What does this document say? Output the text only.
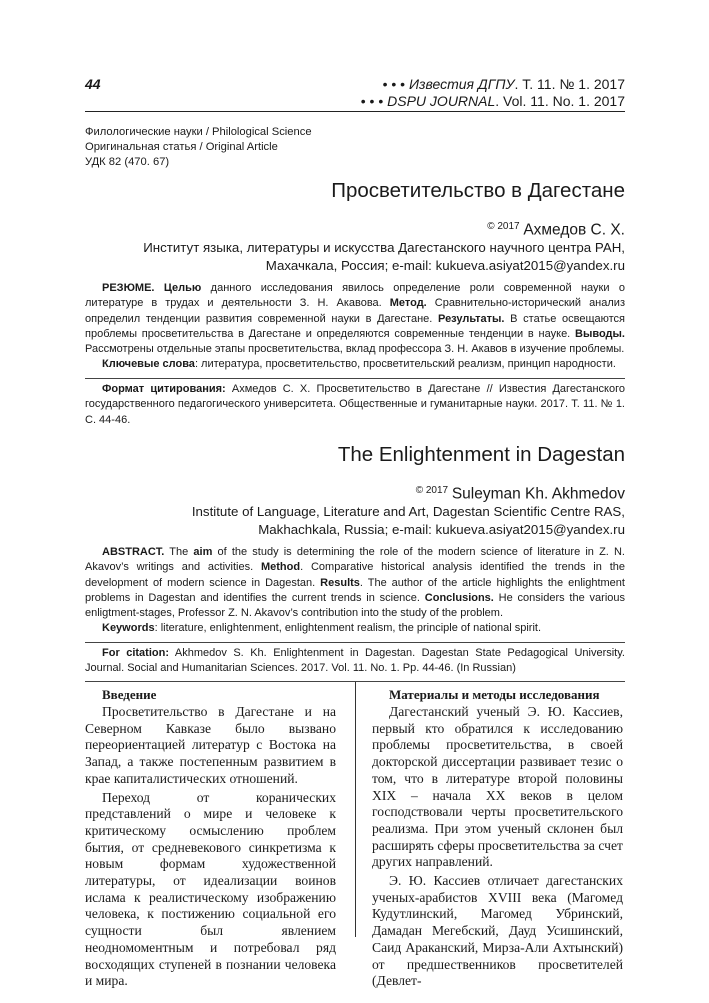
44	• • • Известия ДГПУ. Т. 11. № 1. 2017
• • • DSPU JOURNAL. Vol. 11. No. 1. 2017
Филологические науки / Philological Science
Оригинальная статья / Original Article
УДК 82 (470. 67)
Просветительство в Дагестане
$^{© 2017}$ Ахмедов С. Х.
Институт языка, литературы и искусства Дагестанского научного центра РАН,
Махачкала, Россия; e-mail: kukueva.asiyat2015@yandex.ru

РЕЗЮМЕ. Целью данного исследования явилось определение роли современной науки о литературе в трудах и деятельности З. Н. Акавова. Метод. Сравнительно-исторический анализ определил тенденции развития современной науки в Дагестане. Результаты. В статье освещаются проблемы просветительства в Дагестане и определяются современные тенденции в науке. Выводы. Рассмотрены отдельные этапы просветительства, вклад профессора З. Н. Акавов в изучение проблемы.

Ключевые слова: литература, просветительство, просветительский реализм, принцип народности.

Формат цитирования: Ахмедов С. Х. Просветительство в Дагестане // Известия Дагестанского государственного педагогического университета. Общественные и гуманитарные науки. 2017. Т. 11. № 1. С. 44-46.

The Enlightenment in Dagestan
$^{© 2017}$ Suleyman Kh. Akhmedov
Institute of Language, Literature and Art, Dagestan Scientific Centre RAS,
Makhachkala, Russia; e-mail: kukueva.asiyat2015@yandex.ru

ABSTRACT. The aim of the study is determining the role of the modern science of literature in Z. N. Akavov’s writings and activities. Method. Comparative historical analysis identified the trends in the development of modern science in Dagestan. Results. The author of the article highlights the enlightment problems in Dagestan and identifies the current trends in science. Conclusions. He considers the various enligtment-stages, Professor Z. N. Akavov’s contribution into the study of the problem.

Keywords: literature, enlightenment, enlightenment realism, the principle of national spirit.

For citation: Akhmedov S. Kh. Enlightenment in Dagestan. Dagestan State Pedagogical University. Journal. Social and Humanitarian Sciences. 2017. Vol. 11. No. 1. Pp. 44-46. (In Russian)

Введение

Просветительство в Дагестане и на Северном Кавказе было вызвано переориентацией литератур с Востока на Запад, а также постепенным развитием в крае капиталистических отношений.

Переход от коранических представлений о мире и человеке к критическому осмыслению проблем бытия, от средневекового синкретизма к новым формам художественной литературы, от идеализации воинов ислама к реалистическому изображению человека, к постижению социальной его сущности был явлением неодномоментным и потребовал ряд восходящих ступеней в познании человека и мира.

Материалы и методы исследования

Дагестанский ученый Э. Ю. Кассиев, первый кто обратился к исследованию проблемы просветительства, в своей докторской диссертации развивает тезис о том, что в литературе второй половины XIX – начала XX веков в целом господствовали черты просветительского реализма. При этом ученый склонен был расширять сферы просветительства за счет других направлений.

Э. Ю. Кассиев отличает дагестанских ученых-арабистов XVIII века (Магомед Кудутлинский, Магомед Убринский, Дамадан Мегебский, Дауд Усишинский, Саид Араканский, Мирза-Али Ахтынский) от предшественников просветителей (Девлет-
